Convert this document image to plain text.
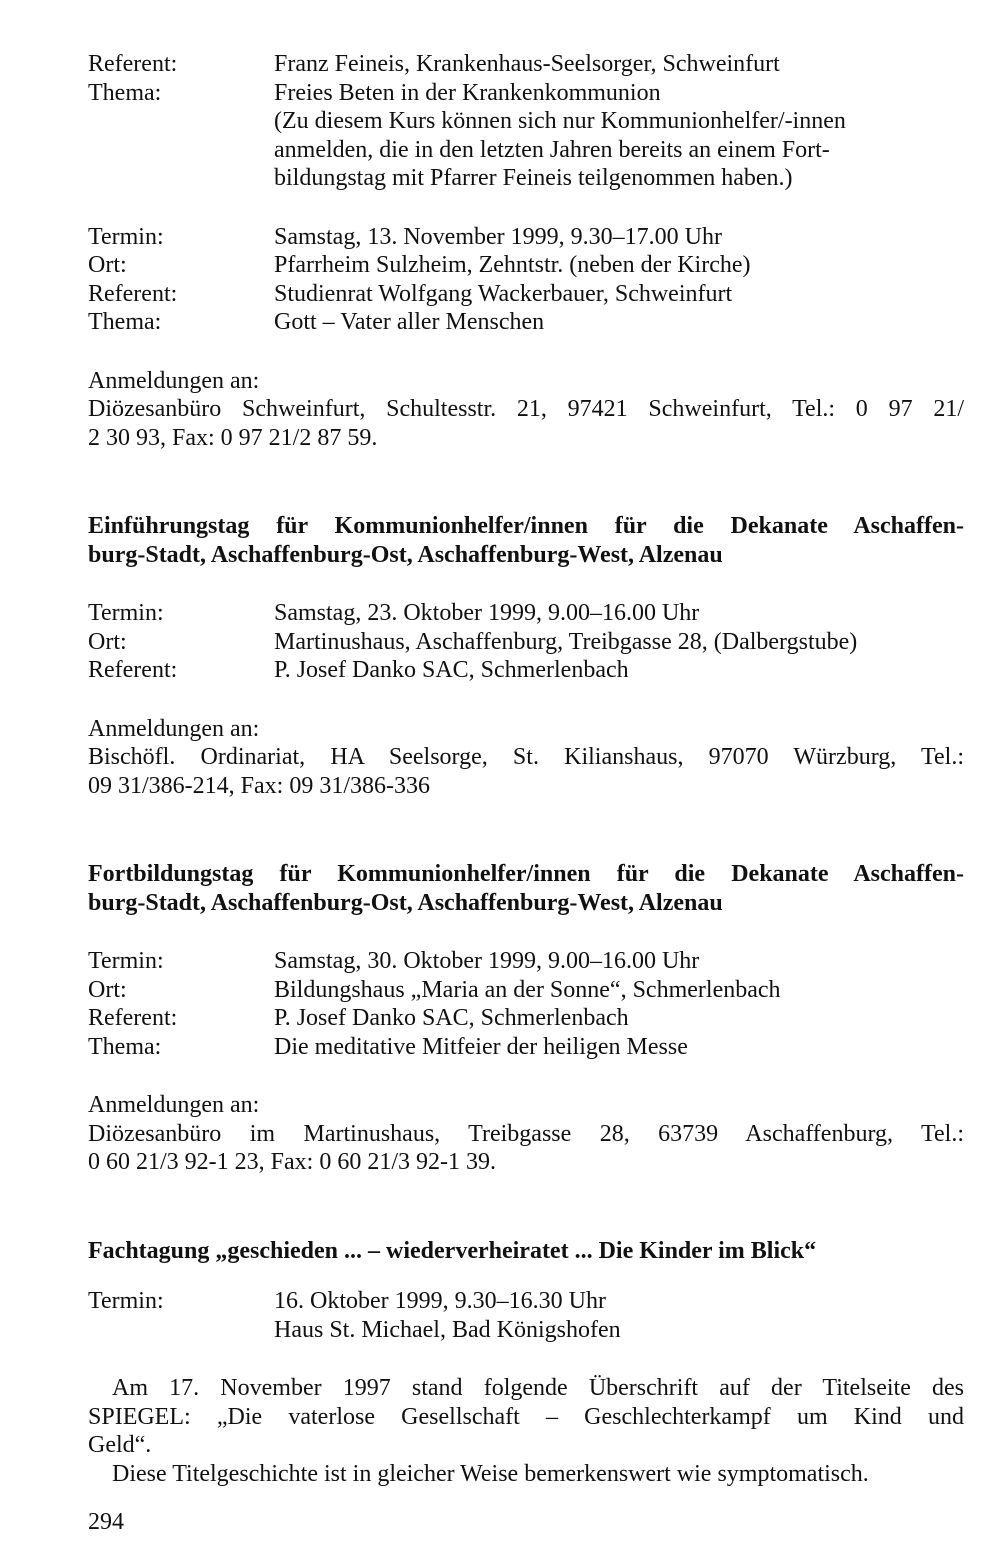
Referent:	Franz Feineis, Krankenhaus-Seelsorger, Schweinfurt
Thema:	Freies Beten in der Krankenkommunion
(Zu diesem Kurs können sich nur Kommunionhelfer/-innen
anmelden, die in den letzten Jahren bereits an einem Fort-
bildungstag mit Pfarrer Feineis teilgenommen haben.)
Termin:	Samstag, 13. November 1999, 9.30–17.00 Uhr
Ort:	Pfarrheim Sulzheim, Zehntstr. (neben der Kirche)
Referent:	Studienrat Wolfgang Wackerbauer, Schweinfurt
Thema:	Gott – Vater aller Menschen
Anmeldungen an:
Diözesanbüro Schweinfurt, Schultesstr. 21, 97421 Schweinfurt, Tel.: 0 97 21/
2 30 93, Fax: 0 97 21/2 87 59.
Einführungstag für Kommunionhelfer/innen für die Dekanate Aschaffen-
burg-Stadt, Aschaffenburg-Ost, Aschaffenburg-West, Alzenau
Termin:	Samstag, 23. Oktober 1999, 9.00–16.00 Uhr
Ort:	Martinushaus, Aschaffenburg, Treibgasse 28, (Dalbergstube)
Referent:	P. Josef Danko SAC, Schmerlenbach
Anmeldungen an:
Bischöfl. Ordinariat, HA Seelsorge, St. Kilianshaus, 97070 Würzburg, Tel.:
09 31/386-214, Fax: 09 31/386-336
Fortbildungstag für Kommunionhelfer/innen für die Dekanate Aschaffen-
burg-Stadt, Aschaffenburg-Ost, Aschaffenburg-West, Alzenau
Termin:	Samstag, 30. Oktober 1999, 9.00–16.00 Uhr
Ort:	Bildungshaus „Maria an der Sonne“, Schmerlenbach
Referent:	P. Josef Danko SAC, Schmerlenbach
Thema:	Die meditative Mitfeier der heiligen Messe
Anmeldungen an:
Diözesanbüro im Martinushaus, Treibgasse 28, 63739 Aschaffenburg, Tel.:
0 60 21/3 92-1 23, Fax: 0 60 21/3 92-1 39.
Fachtagung „geschieden ... – wiederverheiratet ... Die Kinder im Blick“
Termin:	16. Oktober 1999, 9.30–16.30 Uhr
Haus St. Michael, Bad Königshofen
Am 17. November 1997 stand folgende Überschrift auf der Titelseite des
SPIEGEL: „Die vaterlose Gesellschaft – Geschlechterkampf um Kind und
Geld“.
Diese Titelgeschichte ist in gleicher Weise bemerkenswert wie symptomatisch.
294
